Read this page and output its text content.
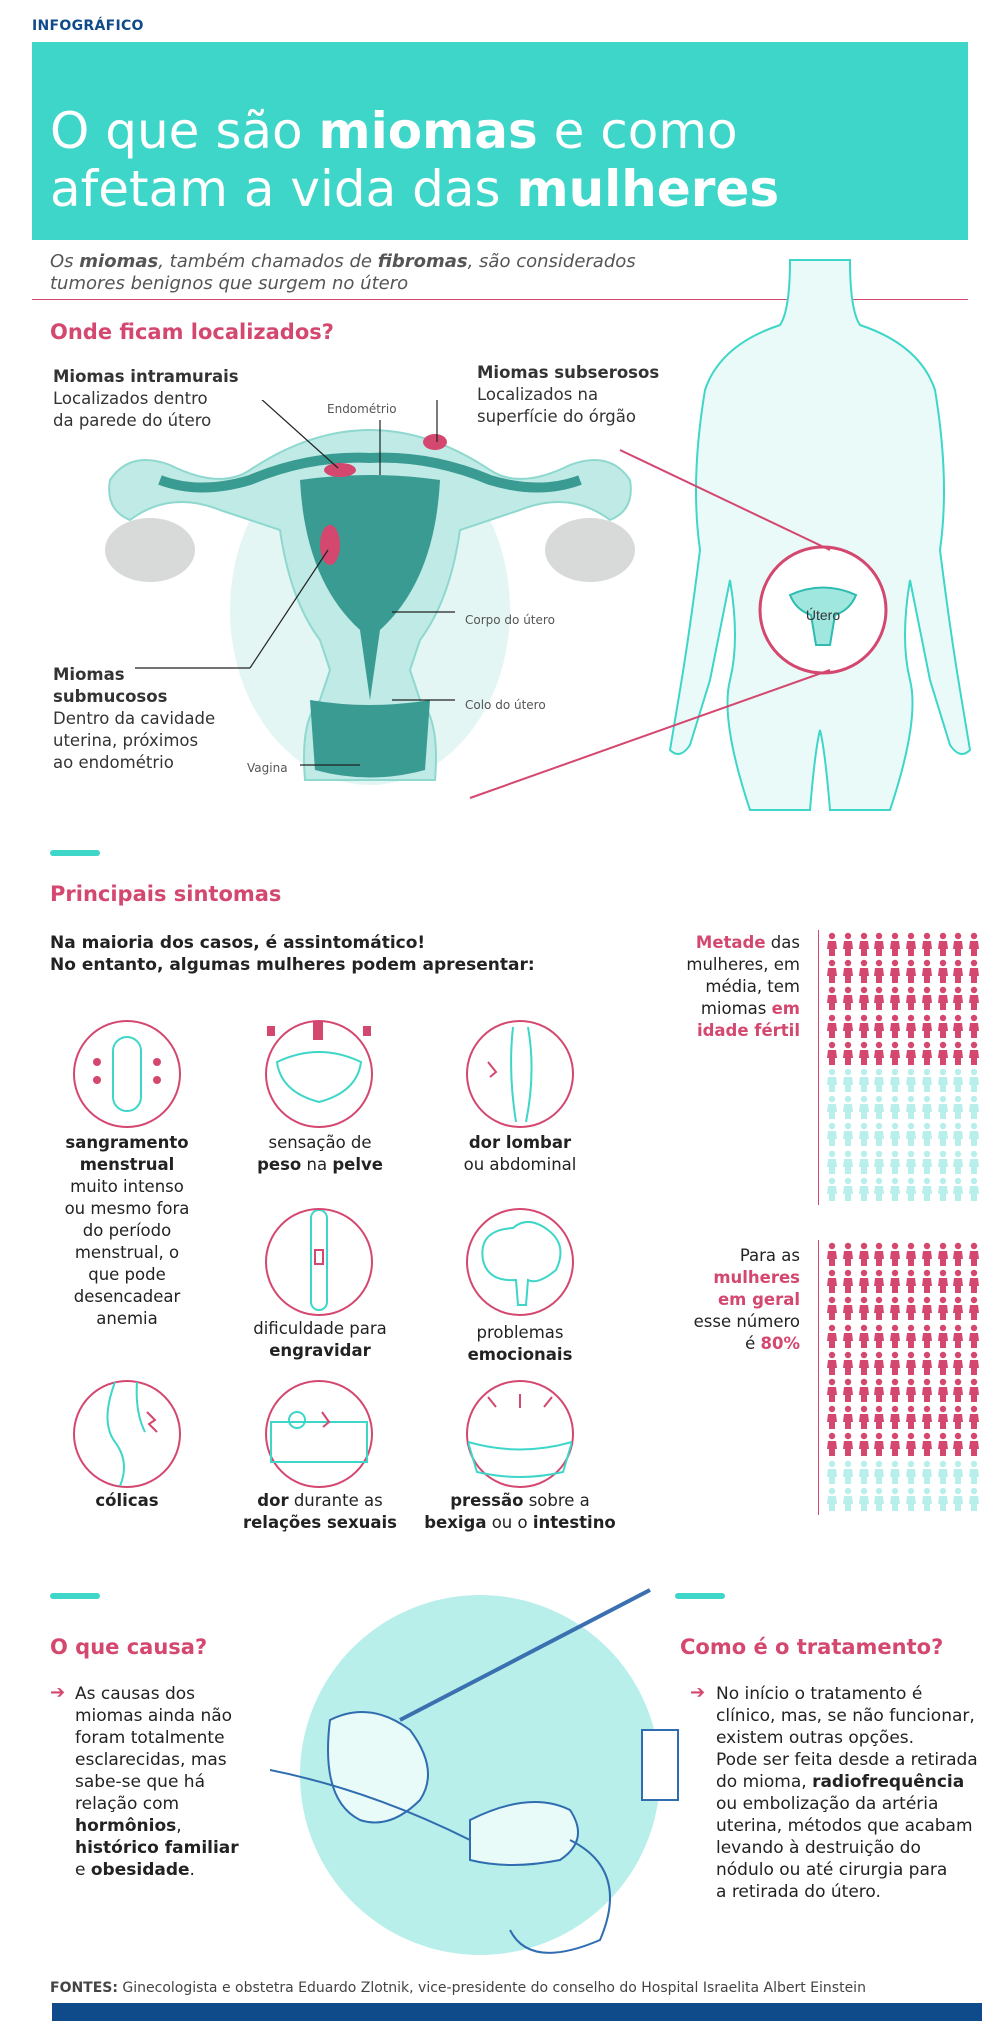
INFOGRÁFICO
O que são miomas e como
afetam a vida das mulheres
Os miomas, também chamados de fibromas, são considerados
tumores benignos que surgem no útero
Útero
Onde ficam localizados?
Miomas intramurais
Localizados dentro
da parede do útero
Miomas subserosos
Localizados na
superfície do órgão
Miomas
submucosos
Dentro da cavidade
uterina, próximos
ao endométrio
Endométrio
Corpo do útero
Colo do útero
Vagina
Principais sintomas
Na maioria dos casos, é assintomático!
No entanto, algumas mulheres podem apresentar:
sangramento
menstrual
muito intenso
ou mesmo fora
do período
menstrual, o
que pode
desencadear
anemia
sensação de
peso na pelve
dor lombar
ou abdominal
dificuldade para
engravidar
problemas
emocionais
cólicas	dor durante as
relações sexuais
pressão sobre a
bexiga ou o intestino
Metade das
mulheres, em
média, tem
miomas em
idade fértil
Para as
mulheres
em geral
esse número
é 80%
O que causa?
➔ As causas dos
miomas ainda não
foram totalmente
esclarecidas, mas
sabe-se que há
relação com
hormônios,
histórico familiar
e obesidade.
Como é o tratamento?
➔ No início o tratamento é
clínico, mas, se não funcionar,
existem outras opções.
Pode ser feita desde a retirada
do mioma, radiofrequência
ou embolização da artéria
uterina, métodos que acabam
levando à destruição do
nódulo ou até cirurgia para
a retirada do útero.
FONTES: Ginecologista e obstetra Eduardo Zlotnik, vice-presidente do conselho do Hospital Israelita Albert Einstein
